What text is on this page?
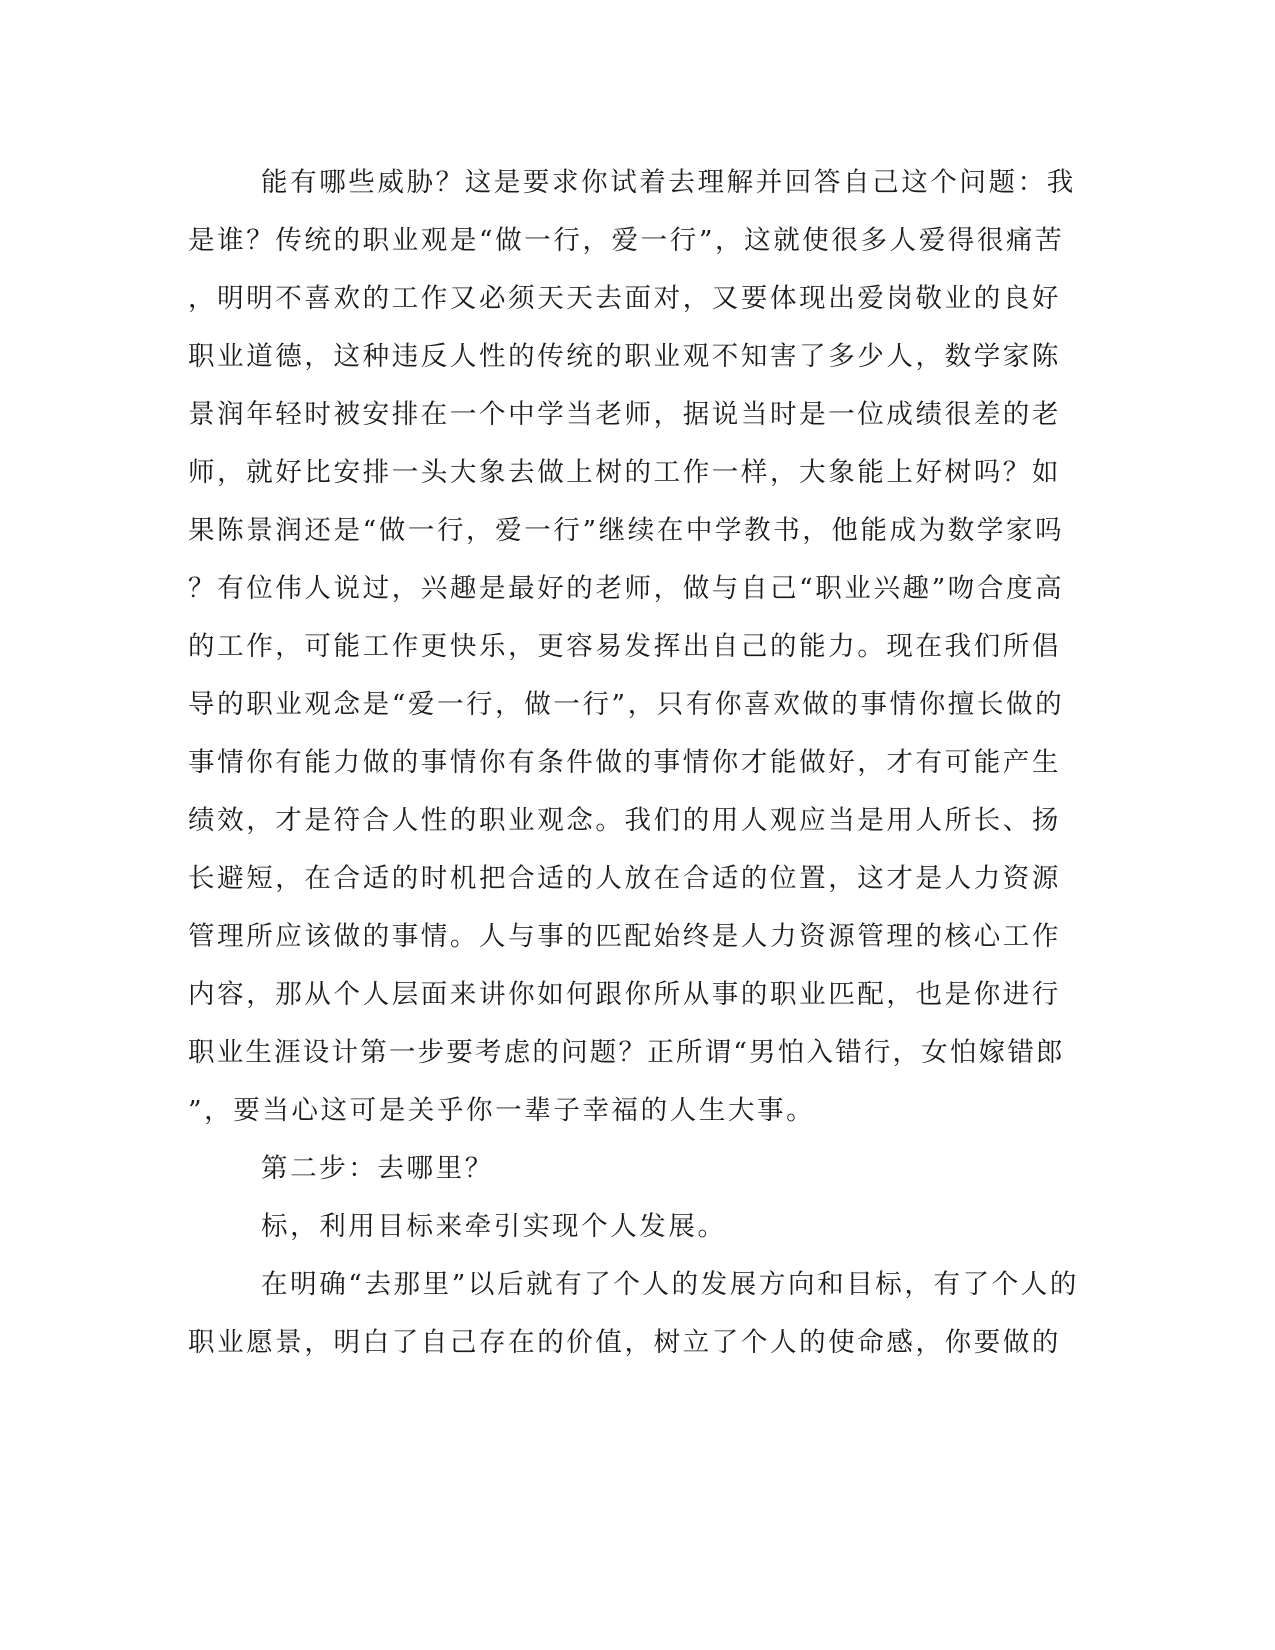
能有哪些威胁？这是要求你试着去理解并回答自己这个问题：我
是谁？传统的职业观是“做一行，爱一行”，这就使很多人爱得很痛苦
，明明不喜欢的工作又必须天天去面对，又要体现出爱岗敬业的良好
职业道德，这种违反人性的传统的职业观不知害了多少人，数学家陈
景润年轻时被安排在一个中学当老师，据说当时是一位成绩很差的老
师，就好比安排一头大象去做上树的工作一样，大象能上好树吗？如
果陈景润还是“做一行，爱一行”继续在中学教书，他能成为数学家吗
？有位伟人说过，兴趣是最好的老师，做与自己“职业兴趣”吻合度高
的工作，可能工作更快乐，更容易发挥出自己的能力。现在我们所倡
导的职业观念是“爱一行，做一行”，只有你喜欢做的事情你擅长做的
事情你有能力做的事情你有条件做的事情你才能做好，才有可能产生
绩效，才是符合人性的职业观念。我们的用人观应当是用人所长、扬
长避短，在合适的时机把合适的人放在合适的位置，这才是人力资源
管理所应该做的事情。人与事的匹配始终是人力资源管理的核心工作
内容，那从个人层面来讲你如何跟你所从事的职业匹配，也是你进行
职业生涯设计第一步要考虑的问题？正所谓“男怕入错行，女怕嫁错郎
”，要当心这可是关乎你一辈子幸福的人生大事。
第二步：去哪里？
标，利用目标来牵引实现个人发展。
在明确“去那里”以后就有了个人的发展方向和目标，有了个人的
职业愿景，明白了自己存在的价值，树立了个人的使命感，你要做的
